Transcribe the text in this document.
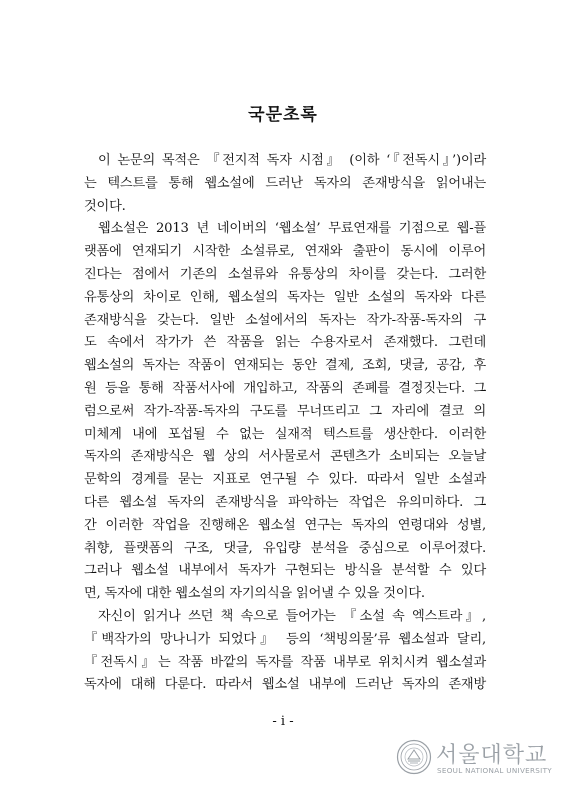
국문초록
이 논문의 목적은 『전지적 독자 시점』 (이하 ‘『전독시』’)이라
는 텍스트를 통해 웹소설에 드러난 독자의 존재방식을 읽어내는
것이다.
웹소설은 2013 년 네이버의 ‘웹소설’ 무료연재를 기점으로 웹-플
랫폼에 연재되기 시작한 소설류로, 연재와 출판이 동시에 이루어
진다는 점에서 기존의 소설류와 유통상의 차이를 갖는다. 그러한
유통상의 차이로 인해, 웹소설의 독자는 일반 소설의 독자와 다른
존재방식을 갖는다. 일반 소설에서의 독자는 작가-작품-독자의 구
도 속에서 작가가 쓴 작품을 읽는 수용자로서 존재했다. 그런데
웹소설의 독자는 작품이 연재되는 동안 결제, 조회, 댓글, 공감, 후
원 등을 통해 작품서사에 개입하고, 작품의 존폐를 결정짓는다. 그
럼으로써 작가-작품-독자의 구도를 무너뜨리고 그 자리에 결코 의
미체계 내에 포섭될 수 없는 실재적 텍스트를 생산한다. 이러한
독자의 존재방식은 웹 상의 서사물로서 콘텐츠가 소비되는 오늘날
문학의 경계를 묻는 지표로 연구될 수 있다. 따라서 일반 소설과
다른 웹소설 독자의 존재방식을 파악하는 작업은 유의미하다. 그
간 이러한 작업을 진행해온 웹소설 연구는 독자의 연령대와 성별,
취향, 플랫폼의 구조, 댓글, 유입량 분석을 중심으로 이루어졌다.
그러나 웹소설 내부에서 독자가 구현되는 방식을 분석할 수 있다
면, 독자에 대한 웹소설의 자기의식을 읽어낼 수 있을 것이다.
자신이 읽거나 쓰던 책 속으로 들어가는 『소설 속 엑스트라』,
『백작가의 망나니가 되었다』 등의 ‘책빙의물’류 웹소설과 달리,
『전독시』는 작품 바깥의 독자를 작품 내부로 위치시켜 웹소설과
독자에 대해 다룬다. 따라서 웹소설 내부에 드러난 독자의 존재방

- i -

서울대학교
SEOUL NATIONAL UNIVERSITY
